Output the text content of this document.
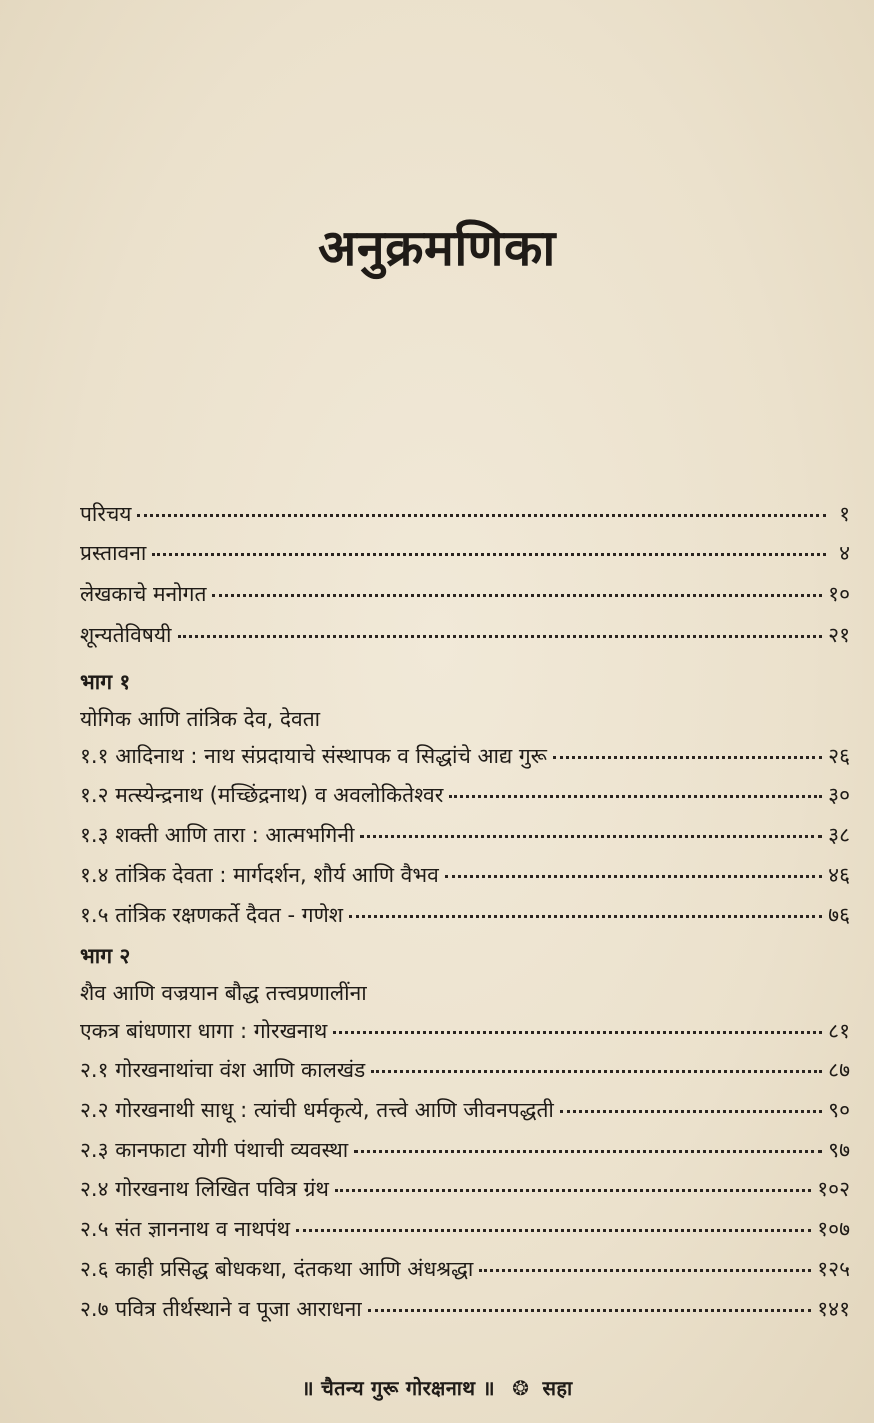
अनुक्रमणिका
परिचय	१
प्रस्तावना	४
लेखकाचे मनोगत	१०
शून्यतेविषयी	२१
भाग १
योगिक आणि तांत्रिक देव, देवता
१.१ आदिनाथ : नाथ संप्रदायाचे संस्थापक व सिद्धांचे आद्य गुरू	२६
१.२ मत्स्येन्द्रनाथ (मच्छिंद्रनाथ) व अवलोकितेश्वर	३०
१.३ शक्ती आणि तारा : आत्मभगिनी	३८
१.४ तांत्रिक देवता : मार्गदर्शन, शौर्य आणि वैभव	४६
१.५ तांत्रिक रक्षणकर्ते दैवत - गणेश	७६
भाग २
शैव आणि वज्रयान बौद्ध तत्त्वप्रणालींना
एकत्र बांधणारा धागा : गोरखनाथ	८१
२.१ गोरखनाथांचा वंश आणि कालखंड	८७
२.२ गोरखनाथी साधू : त्यांची धर्मकृत्ये, तत्त्वे आणि जीवनपद्धती	९०
२.३ कानफाटा योगी पंथाची व्यवस्था	९७
२.४ गोरखनाथ लिखित पवित्र ग्रंथ	१०२
२.५ संत ज्ञाननाथ व नाथपंथ	१०७
२.६ काही प्रसिद्ध बोधकथा, दंतकथा आणि अंधश्रद्धा	१२५
२.७ पवित्र तीर्थस्थाने व पूजा आराधना	१४१
॥ चैतन्य गुरू गोरक्षनाथ ॥ ❂ सहा
